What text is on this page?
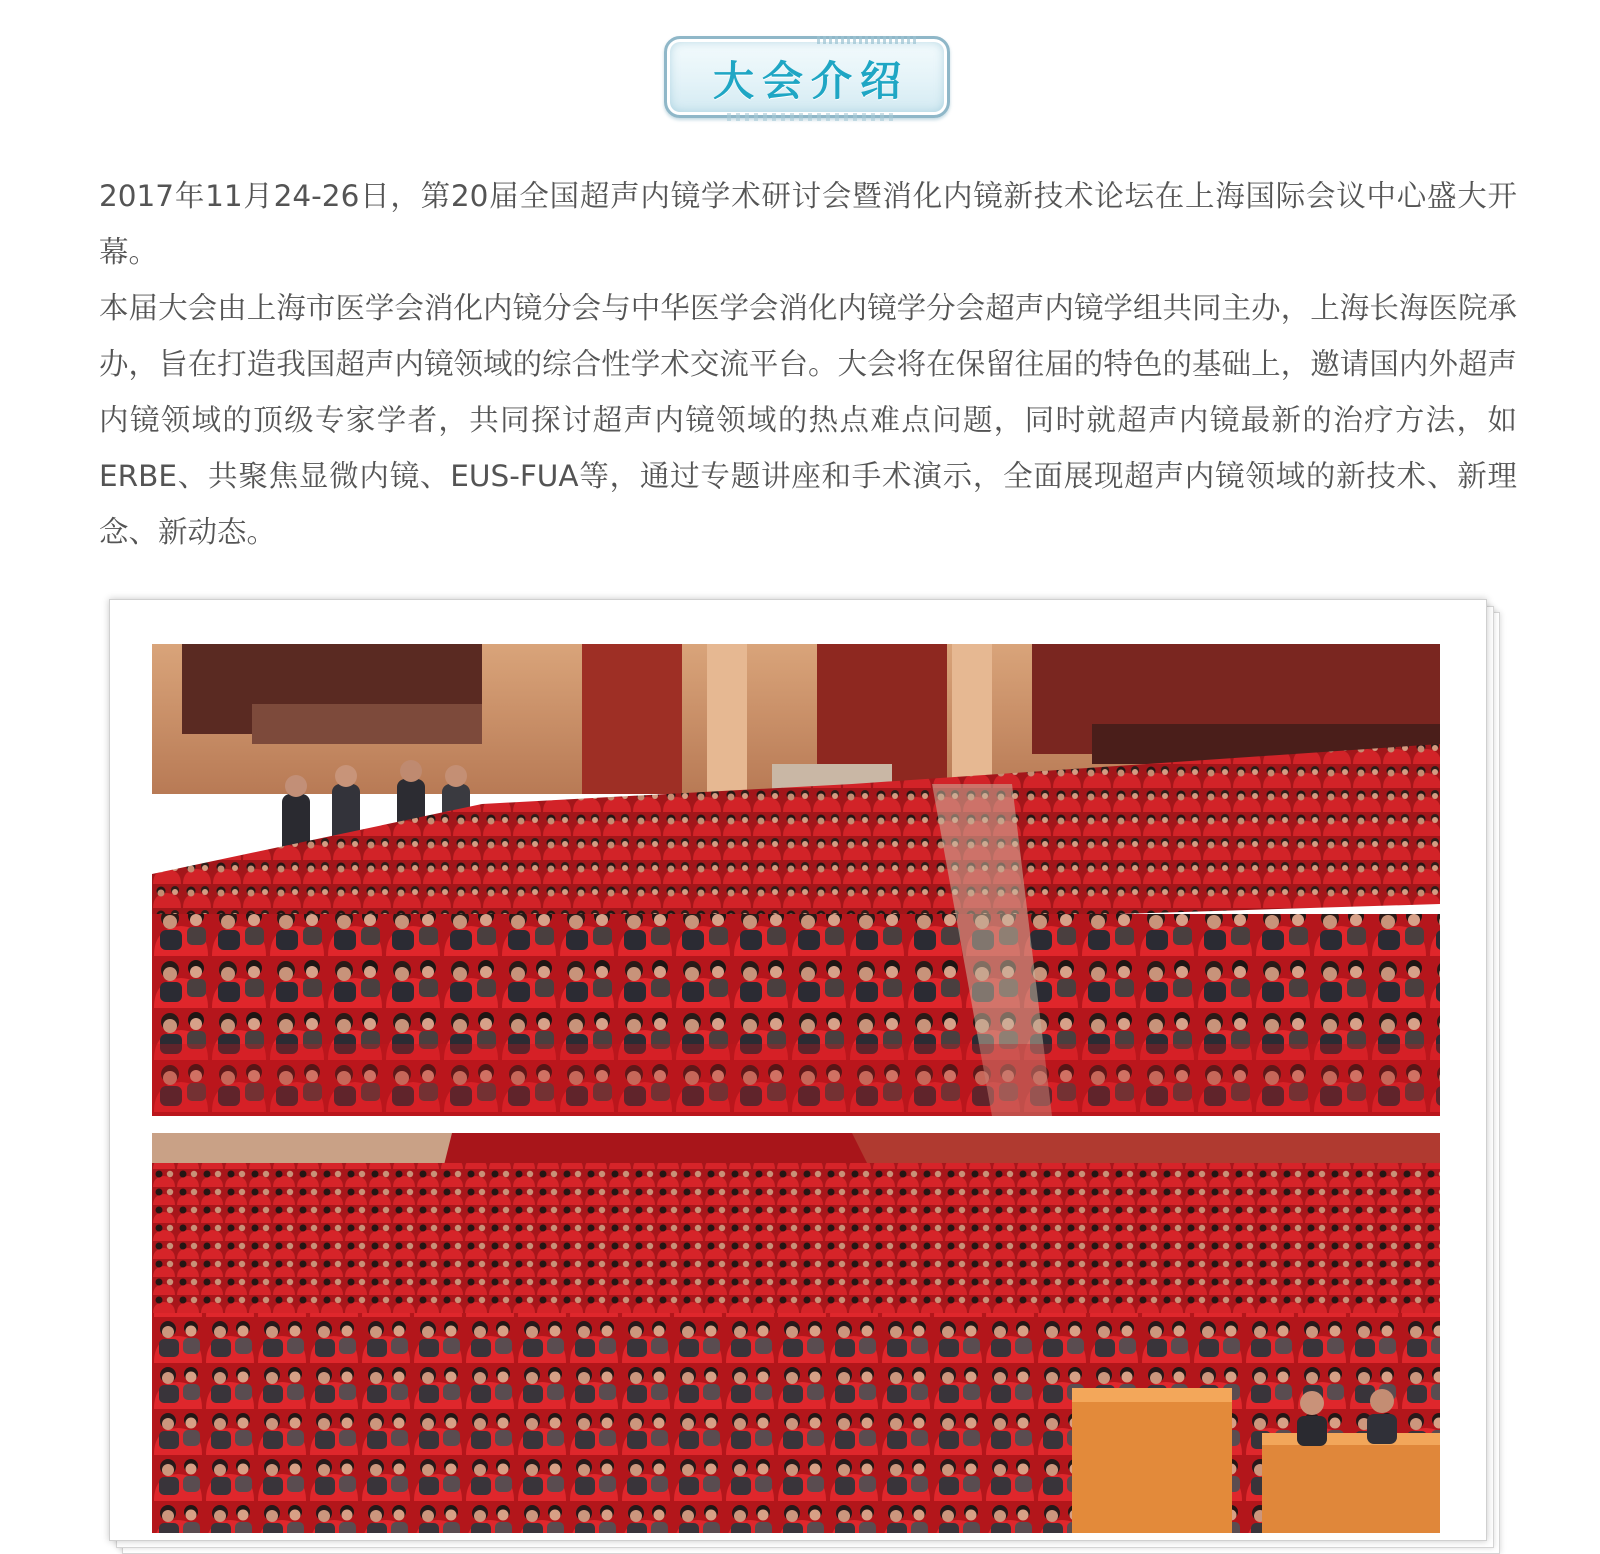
大会介绍

2017年11月24-26日，第20届全国超声内镜学术研讨会暨消化内镜新技术论坛在上海国际会议中心盛大开幕。

本届大会由上海市医学会消化内镜分会与中华医学会消化内镜学分会超声内镜学组共同主办，上海长海医院承办，旨在打造我国超声内镜领域的综合性学术交流平台。大会将在保留往届的特色的基础上，邀请国内外超声内镜领域的顶级专家学者，共同探讨超声内镜领域的热点难点问题，同时就超声内镜最新的治疗方法，如ERBE、共聚焦显微内镜、EUS-FUA等，通过专题讲座和手术演示，全面展现超声内镜领域的新技术、新理念、新动态。
